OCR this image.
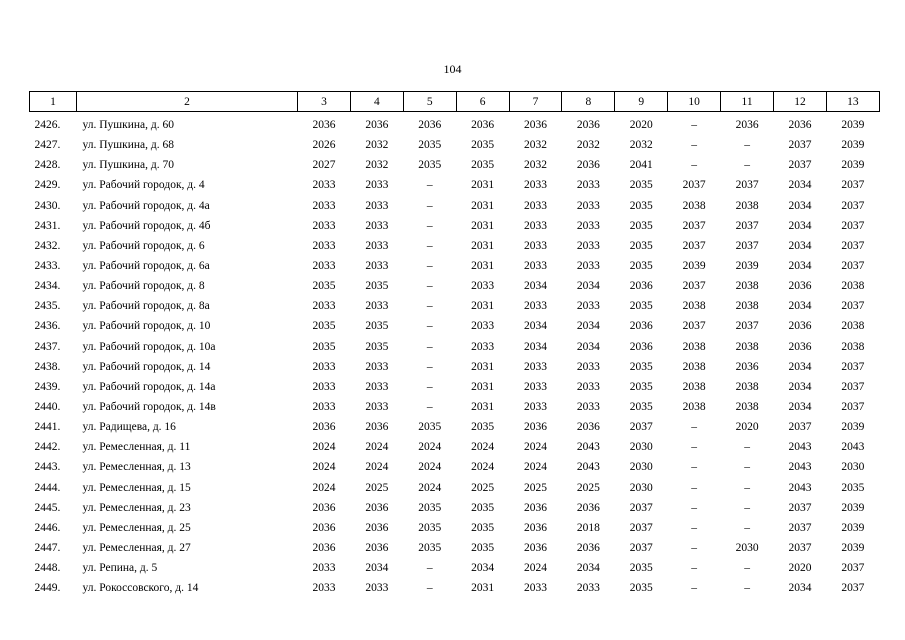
104
1	2	3	4	5	6	7	8	9	10	11	12	13
2426.	ул. Пушкина, д. 60	2036	2036	2036	2036	2036	2036	2020	–	2036	2036	2039
2427.	ул. Пушкина, д. 68	2026	2032	2035	2035	2032	2032	2032	–	–	2037	2039
2428.	ул. Пушкина, д. 70	2027	2032	2035	2035	2032	2036	2041	–	–	2037	2039
2429.	ул. Рабочий городок, д. 4	2033	2033	–	2031	2033	2033	2035	2037	2037	2034	2037
2430.	ул. Рабочий городок, д. 4а	2033	2033	–	2031	2033	2033	2035	2038	2038	2034	2037
2431.	ул. Рабочий городок, д. 4б	2033	2033	–	2031	2033	2033	2035	2037	2037	2034	2037
2432.	ул. Рабочий городок, д. 6	2033	2033	–	2031	2033	2033	2035	2037	2037	2034	2037
2433.	ул. Рабочий городок, д. 6а	2033	2033	–	2031	2033	2033	2035	2039	2039	2034	2037
2434.	ул. Рабочий городок, д. 8	2035	2035	–	2033	2034	2034	2036	2037	2038	2036	2038
2435.	ул. Рабочий городок, д. 8а	2033	2033	–	2031	2033	2033	2035	2038	2038	2034	2037
2436.	ул. Рабочий городок, д. 10	2035	2035	–	2033	2034	2034	2036	2037	2037	2036	2038
2437.	ул. Рабочий городок, д. 10а	2035	2035	–	2033	2034	2034	2036	2038	2038	2036	2038
2438.	ул. Рабочий городок, д. 14	2033	2033	–	2031	2033	2033	2035	2038	2036	2034	2037
2439.	ул. Рабочий городок, д. 14а	2033	2033	–	2031	2033	2033	2035	2038	2038	2034	2037
2440.	ул. Рабочий городок, д. 14в	2033	2033	–	2031	2033	2033	2035	2038	2038	2034	2037
2441.	ул. Радищева, д. 16	2036	2036	2035	2035	2036	2036	2037	–	2020	2037	2039
2442.	ул. Ремесленная, д. 11	2024	2024	2024	2024	2024	2043	2030	–	–	2043	2043
2443.	ул. Ремесленная, д. 13	2024	2024	2024	2024	2024	2043	2030	–	–	2043	2030
2444.	ул. Ремесленная, д. 15	2024	2025	2024	2025	2025	2025	2030	–	–	2043	2035
2445.	ул. Ремесленная, д. 23	2036	2036	2035	2035	2036	2036	2037	–	–	2037	2039
2446.	ул. Ремесленная, д. 25	2036	2036	2035	2035	2036	2018	2037	–	–	2037	2039
2447.	ул. Ремесленная, д. 27	2036	2036	2035	2035	2036	2036	2037	–	2030	2037	2039
2448.	ул. Репина, д. 5	2033	2034	–	2034	2024	2034	2035	–	–	2020	2037
2449.	ул. Рокоссовского, д. 14	2033	2033	–	2031	2033	2033	2035	–	–	2034	2037
